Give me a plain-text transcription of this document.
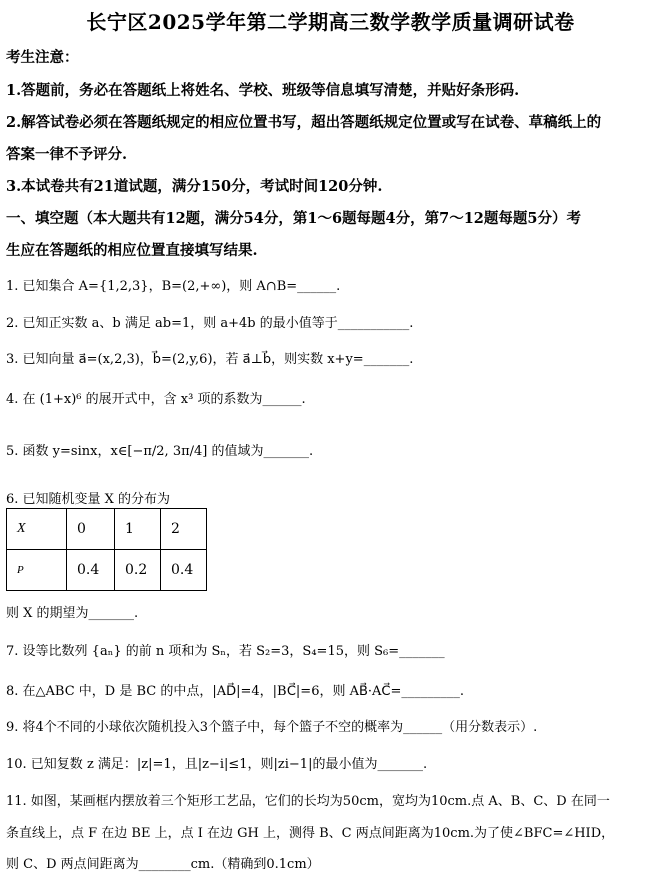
长宁区2025学年第二学期高三数学教学质量调研试卷
考生注意：
1.答题前，务必在答题纸上将姓名、学校、班级等信息填写清楚，并贴好条形码.
2.解答试卷必须在答题纸规定的相应位置书写，超出答题纸规定位置或写在试卷、草稿纸上的
答案一律不予评分.
3.本试卷共有21道试题，满分150分，考试时间120分钟.
一、填空题（本大题共有12题，满分54分，第1～6题每题4分，第7～12题每题5分）考
生应在答题纸的相应位置直接填写结果.
1. 已知集合 A={1,2,3}，B=(2,+∞)，则 A∩B=______.
2. 已知正实数 a、b 满足 ab=1，则 a+4b 的最小值等于___________.
3. 已知向量 a⃗=(x,2,3)，b⃗=(2,y,6)，若 a⃗⊥b⃗，则实数 x+y=_______.
4. 在 (1+x)⁶ 的展开式中，含 x³ 项的系数为______.
5. 函数 y=sinx，x∈[−π/2, 3π/4] 的值域为_______.
6. 已知随机变量 X 的分布为
X	0	1	2
P	0.4	0.2	0.4
则 X 的期望为_______.
7. 设等比数列 {aₙ} 的前 n 项和为 Sₙ，若 S₂=3，S₄=15，则 S₆=_______
8. 在△ABC 中，D 是 BC 的中点，|AD⃗|=4，|BC⃗|=6，则 AB⃗·AC⃗=_________.
9. 将4个不同的小球依次随机投入3个篮子中，每个篮子不空的概率为______（用分数表示）.
10. 已知复数 z 满足：|z|=1，且|z−i|≤1，则|zi−1|的最小值为_______.
11. 如图，某画框内摆放着三个矩形工艺品，它们的长均为50cm，宽均为10cm.点 A、B、C、D 在同一
条直线上，点 F 在边 BE 上，点 I 在边 GH 上，测得 B、C 两点间距离为10cm.为了使∠BFC=∠HID，
则 C、D 两点间距离为________cm.（精确到0.1cm）
